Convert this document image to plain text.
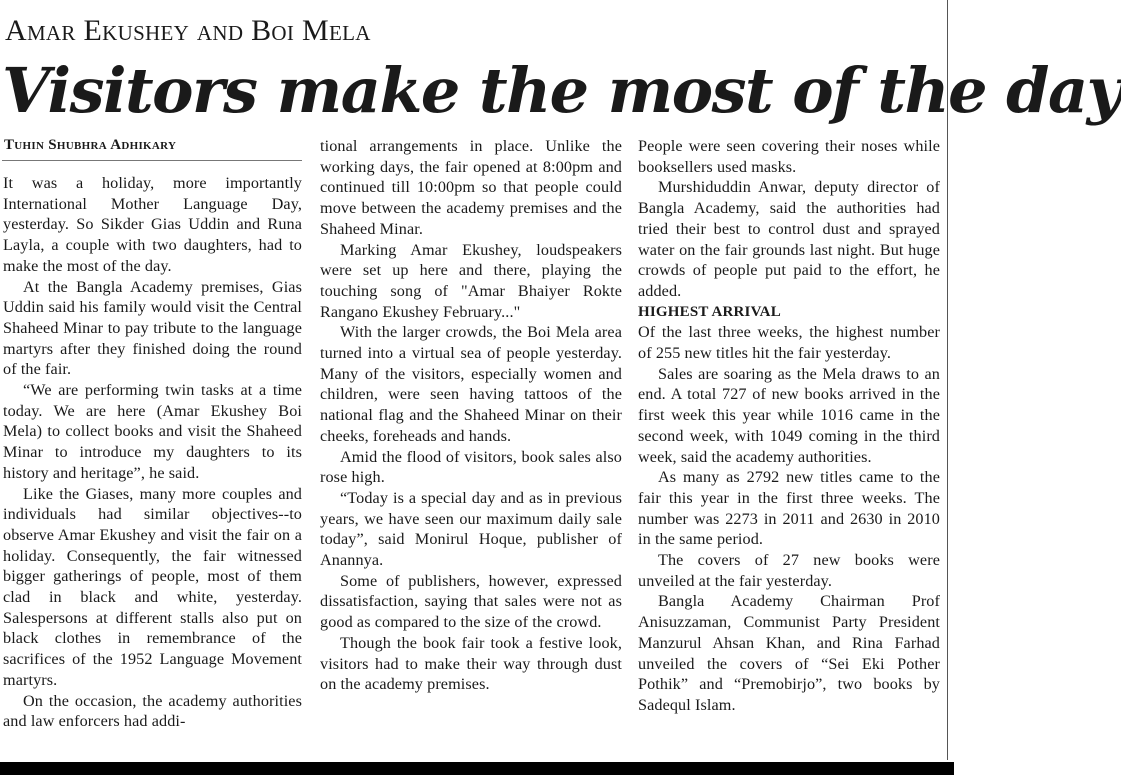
Amar Ekushey and Boi Mela
Visitors make the most of the day
Tuhin Shubhra Adhikary

It was a holiday, more importantly International Mother Language Day, yesterday. So Sikder Gias Uddin and Runa Layla, a couple with two daughters, had to make the most of the day.

At the Bangla Academy premises, Gias Uddin said his family would visit the Central Shaheed Minar to pay tribute to the language martyrs after they finished doing the round of the fair.

“We are performing twin tasks at a time today. We are here (Amar Ekushey Boi Mela) to collect books and visit the Shaheed Minar to introduce my daughters to its history and heritage”, he said.

Like the Giases, many more couples and individuals had similar objectives--to observe Amar Ekushey and visit the fair on a holiday. Consequently, the fair witnessed bigger gatherings of people, most of them clad in black and white, yesterday. Salespersons at different stalls also put on black clothes in remembrance of the sacrifices of the 1952 Language Movement martyrs.

On the occasion, the academy authorities and law enforcers had addi-

tional arrangements in place. Unlike the working days, the fair opened at 8:00pm and continued till 10:00pm so that people could move between the academy premises and the Shaheed Minar.

Marking Amar Ekushey, loudspeakers were set up here and there, playing the touching song of "Amar Bhaiyer Rokte Rangano Ekushey February..."

With the larger crowds, the Boi Mela area turned into a virtual sea of people yesterday. Many of the visitors, especially women and children, were seen having tattoos of the national flag and the Shaheed Minar on their cheeks, foreheads and hands.

Amid the flood of visitors, book sales also rose high.

“Today is a special day and as in previous years, we have seen our maximum daily sale today”, said Monirul Hoque, publisher of Anannya.

Some of publishers, however, expressed dissatisfaction, saying that sales were not as good as compared to the size of the crowd.

Though the book fair took a festive look, visitors had to make their way through dust on the academy premises.

People were seen covering their noses while booksellers used masks.

Murshiduddin Anwar, deputy director of Bangla Academy, said the authorities had tried their best to control dust and sprayed water on the fair grounds last night. But huge crowds of people put paid to the effort, he added.

HIGHEST ARRIVAL

Of the last three weeks, the highest number of 255 new titles hit the fair yesterday.

Sales are soaring as the Mela draws to an end. A total 727 of new books arrived in the first week this year while 1016 came in the second week, with 1049 coming in the third week, said the academy authorities.

As many as 2792 new titles came to the fair this year in the first three weeks. The number was 2273 in 2011 and 2630 in 2010 in the same period.

The covers of 27 new books were unveiled at the fair yesterday.

Bangla Academy Chairman Prof Anisuzzaman, Communist Party President Manzurul Ahsan Khan, and Rina Farhad unveiled the covers of “Sei Eki Pother Pothik” and “Premobirjo”, two books by Sadequl Islam.
